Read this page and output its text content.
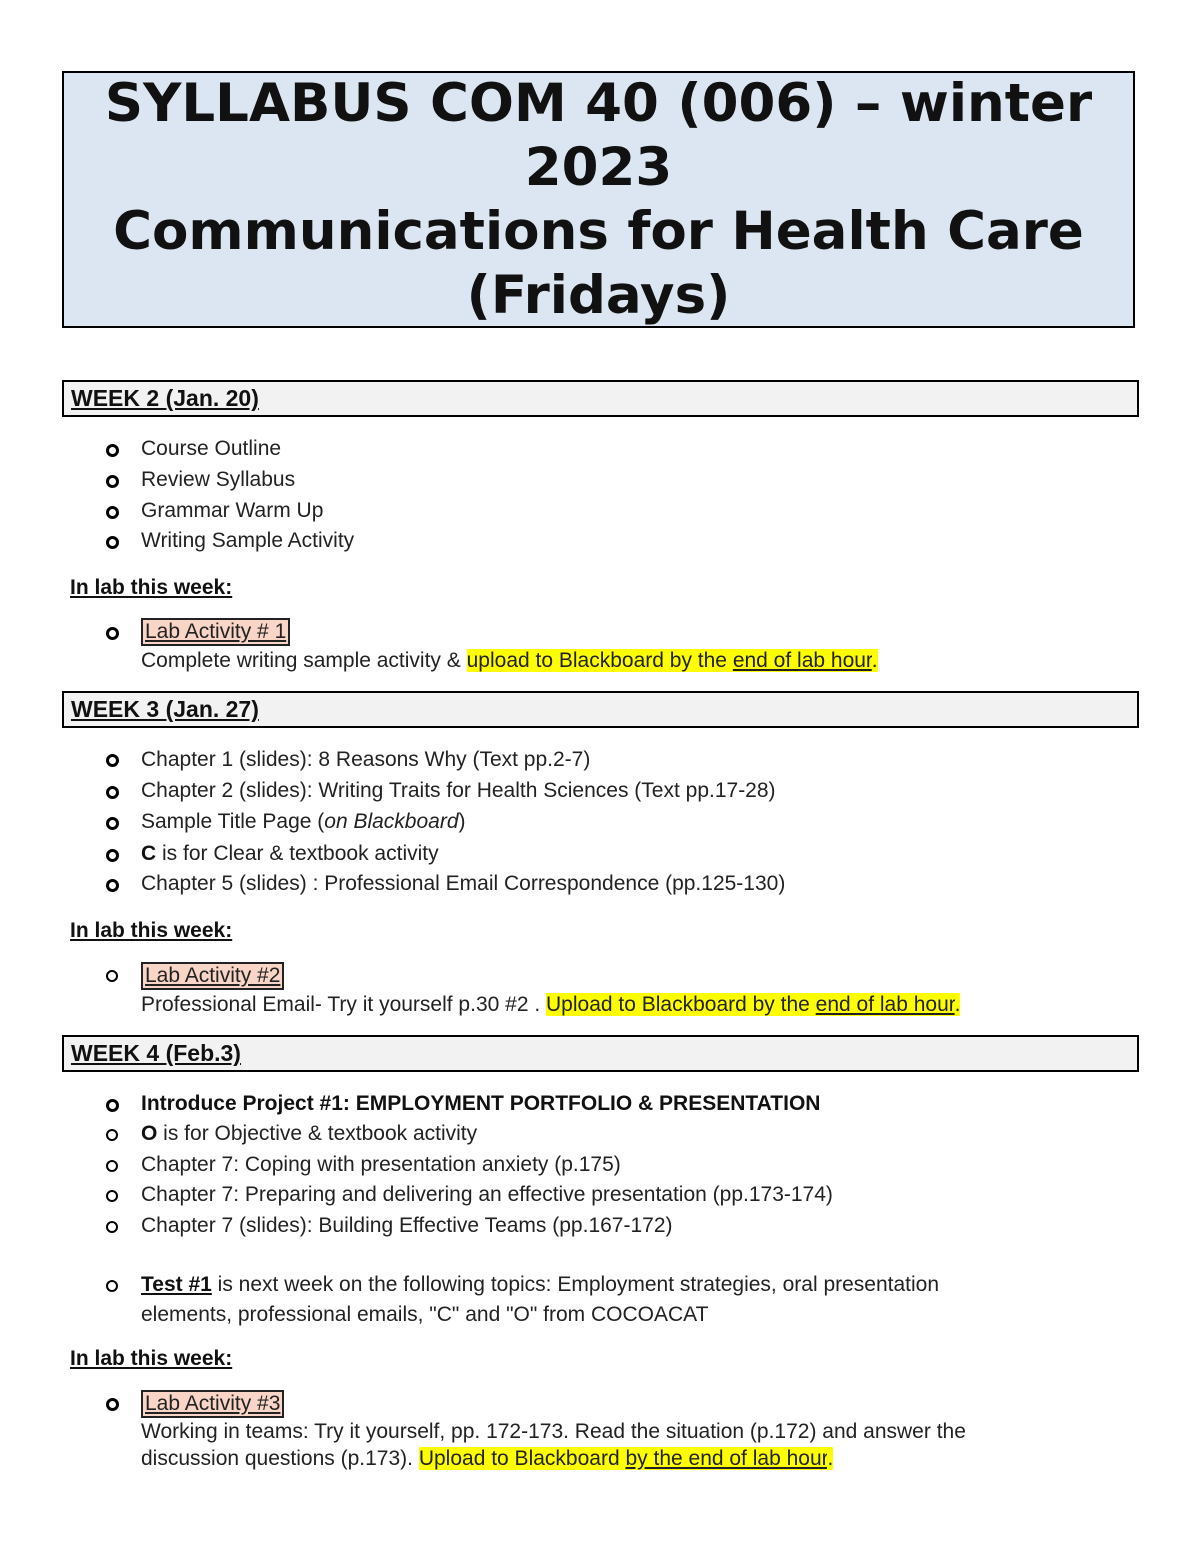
SYLLABUS COM 40 (006) – winter
2023
Communications for Health Care
(Fridays)
WEEK 2 (Jan. 20)
Course Outline
Review Syllabus
Grammar Warm Up
Writing Sample Activity
In lab this week:
Lab Activity # 1
Complete writing sample activity & upload to Blackboard by the end of lab hour.
WEEK 3 (Jan. 27)
Chapter 1 (slides): 8 Reasons Why (Text pp.2-7)
Chapter 2 (slides): Writing Traits for Health Sciences (Text pp.17-28)
Sample Title Page (on Blackboard)
C is for Clear & textbook activity
Chapter 5 (slides) : Professional Email Correspondence (pp.125-130)
In lab this week:
Lab Activity #2
Professional Email- Try it yourself p.30 #2 . Upload to Blackboard by the end of lab hour.
WEEK 4 (Feb.3)
Introduce Project #1: EMPLOYMENT PORTFOLIO & PRESENTATION
O is for Objective & textbook activity
Chapter 7: Coping with presentation anxiety (p.175)
Chapter 7: Preparing and delivering an effective presentation (pp.173-174)
Chapter 7 (slides): Building Effective Teams (pp.167-172)
Test #1 is next week on the following topics: Employment strategies, oral presentation
elements, professional emails, "C" and "O" from COCOACAT
In lab this week:
Lab Activity #3
Working in teams: Try it yourself, pp. 172-173. Read the situation (p.172) and answer the
discussion questions (p.173). Upload to Blackboard by the end of lab hour.
